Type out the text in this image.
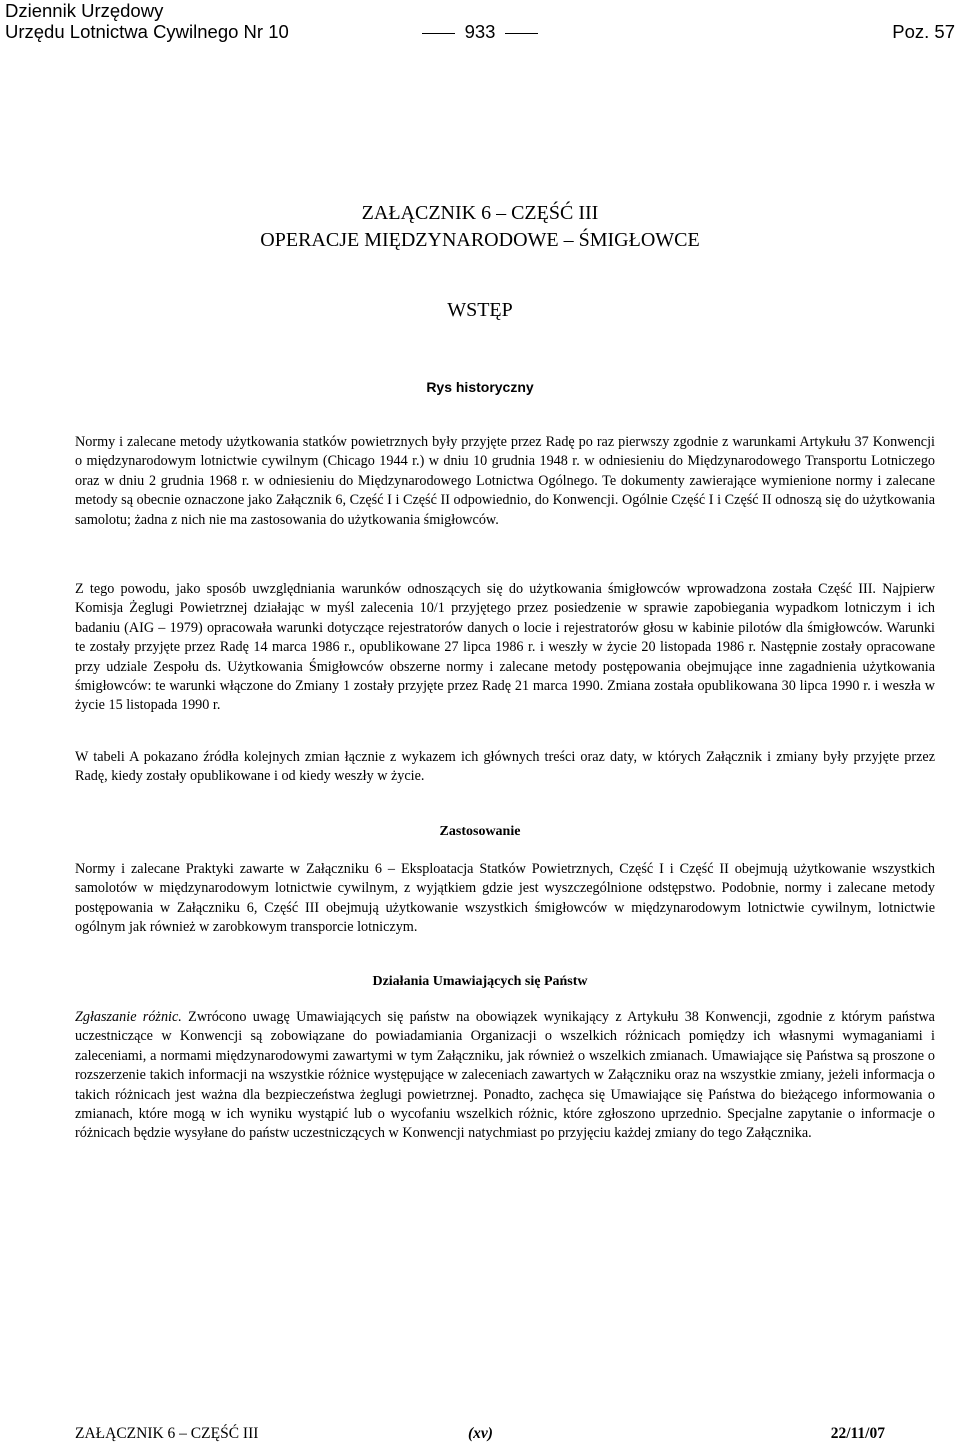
Dziennik Urzędowy
Urzędu Lotnictwa Cywilnego Nr 10	933	Poz. 57
ZAŁĄCZNIK 6 – CZĘŚĆ III
OPERACJE MIĘDZYNARODOWE – ŚMIGŁOWCE
WSTĘP
Rys historyczny

Normy i zalecane metody użytkowania statków powietrznych były przyjęte przez Radę po raz pierwszy zgodnie z warunkami Artykułu 37 Konwencji o międzynarodowym lotnictwie cywilnym (Chicago 1944 r.) w dniu 10 grudnia 1948 r. w odniesieniu do Międzynarodowego Transportu Lotniczego oraz w dniu 2 grudnia 1968 r. w odniesieniu do Międzynarodowego Lotnictwa Ogólnego. Te dokumenty zawierające wymienione normy i zalecane metody są obecnie oznaczone jako Załącznik 6, Część I i Część II odpowiednio, do Konwencji. Ogólnie Część I i Część II odnoszą się do użytkowania samolotu; żadna z nich nie ma zastosowania do użytkowania śmigłowców.

Z tego powodu, jako sposób uwzględniania warunków odnoszących się do użytkowania śmigłowców wprowadzona została Część III. Najpierw Komisja Żeglugi Powietrznej działając w myśl zalecenia 10/1 przyjętego przez posiedzenie w sprawie zapobiegania wypadkom lotniczym i ich badaniu (AIG – 1979) opracowała warunki dotyczące rejestratorów danych o locie i rejestratorów głosu w kabinie pilotów dla śmigłowców. Warunki te zostały przyjęte przez Radę 14 marca 1986 r., opublikowane 27 lipca 1986 r. i weszły w życie 20 listopada 1986 r. Następnie zostały opracowane przy udziale Zespołu ds. Użytkowania Śmigłowców obszerne normy i zalecane metody postępowania obejmujące inne zagadnienia użytkowania śmigłowców: te warunki włączone do Zmiany 1 zostały przyjęte przez Radę 21 marca 1990. Zmiana została opublikowana 30 lipca 1990 r. i weszła w życie 15 listopada 1990 r.

W tabeli A pokazano źródła kolejnych zmian łącznie z wykazem ich głównych treści oraz daty, w których Załącznik i zmiany były przyjęte przez Radę, kiedy zostały opublikowane i od kiedy weszły w życie.

Zastosowanie

Normy i zalecane Praktyki zawarte w Załączniku 6 – Eksploatacja Statków Powietrznych, Część I i Część II obejmują użytkowanie wszystkich samolotów w międzynarodowym lotnictwie cywilnym, z wyjątkiem gdzie jest wyszczególnione odstępstwo. Podobnie, normy i zalecane metody postępowania w Załączniku 6, Część III obejmują użytkowanie wszystkich śmigłowców w międzynarodowym lotnictwie cywilnym, lotnictwie ogólnym jak również w zarobkowym transporcie lotniczym.

Działania Umawiających się Państw

Zgłaszanie różnic. Zwrócono uwagę Umawiających się państw na obowiązek wynikający z Artykułu 38 Konwencji, zgodnie z którym państwa uczestniczące w Konwencji są zobowiązane do powiadamiania Organizacji o wszelkich różnicach pomiędzy ich własnymi wymaganiami i zaleceniami, a normami międzynarodowymi zawartymi w tym Załączniku, jak również o wszelkich zmianach. Umawiające się Państwa są proszone o rozszerzenie takich informacji na wszystkie różnice występujące w zaleceniach zawartych w Załączniku oraz na wszystkie zmiany, jeżeli informacja o takich różnicach jest ważna dla bezpieczeństwa żeglugi powietrznej. Ponadto, zachęca się Umawiające się Państwa do bieżącego informowania o zmianach, które mogą w ich wyniku wystąpić lub o wycofaniu wszelkich różnic, które zgłoszono uprzednio. Specjalne zapytanie o informacje o różnicach będzie wysyłane do państw uczestniczących w Konwencji natychmiast po przyjęciu każdej zmiany do tego Załącznika.

ZAŁĄCZNIK 6 – CZĘŚĆ III	(xv)	22/11/07
